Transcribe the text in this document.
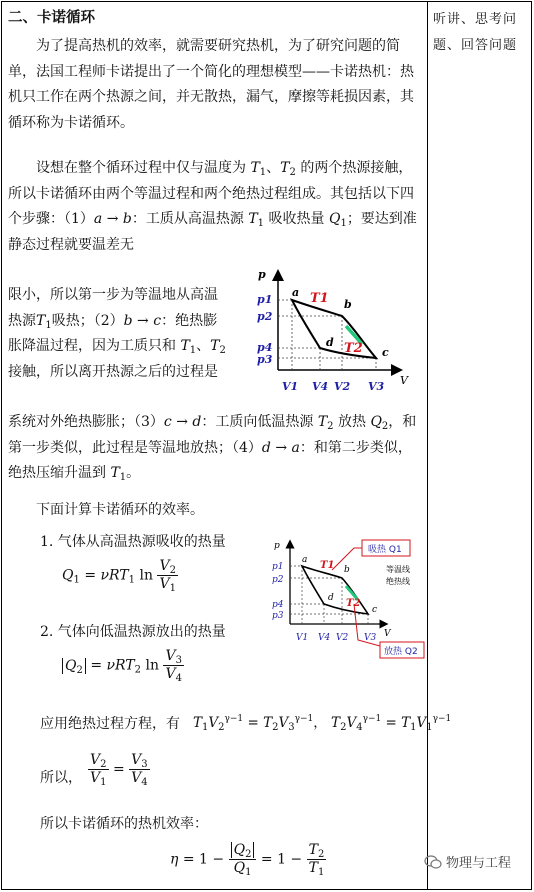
听讲、思考问题、回答问题
二、卡诺循环
为了提高热机的效率，就需要研究热机，为了研究问题的简单，法国工程师卡诺提出了一个简化的理想模型——卡诺热机：热机只工作在两个热源之间，并无散热，漏气，摩擦等耗损因素，其循环称为卡诺循环。
设想在整个循环过程中仅与温度为 $T_1$、$T_2$ 的两个热源接触，所以卡诺循环由两个等温过程和两个绝热过程组成。其包括以下四个步骤：（1）a → b：工质从高温热源 $T_1$ 吸收热量 $Q_1$；要达到准静态过程就要温差无
限小，所以第一步为等温地从高温
热源$T_1$吸热；（2）b → c：绝热膨
胀降温过程，因为工质只和 $T_1$、$T_2$
接触，所以离开热源之后的过程是
系统对外绝热膨胀；（3）c → d：工质向低温热源 $T_2$ 放热 $Q_2$，和第一步类似，此过程是等温地放热；（4）d → a：和第二步类似，绝热压缩升温到 $T_1$。
下面计算卡诺循环的效率。
1. 气体从高温热源吸收的热量
2. 气体向低温热源放出的热量
应用绝热过程方程，有
所以，
所以卡诺循环的热机效率：
$Q_1 = \nu RT_1$ $\ln \frac{V_2}{V_1}$
$Q_2 = \nu RT_2$ $\ln \frac{V_3}{V_4}$
$T_1V_2^{\gamma-1} = T_2V_3^{\gamma-1}$， $T_2V_4^{\gamma-1} = T_1V_1^{\gamma-1}$
$\frac{V_2}{V_1} = \frac{V_3}{V_4}$
$\eta = 1 - \frac{Q_2}{Q_1} = 1 - \frac{T_2}{T_1}$
p
V
p1
p2
p4
p3
V1 V4 V2 V3
a
b
c
d
T1
T2
p
V
p1
p2
p4
p3
V1 V4 V2 V3
a
b
c
d
T1
T2
吸热 Q1
放热 Q2
等温线
绝热线
物理与工程
